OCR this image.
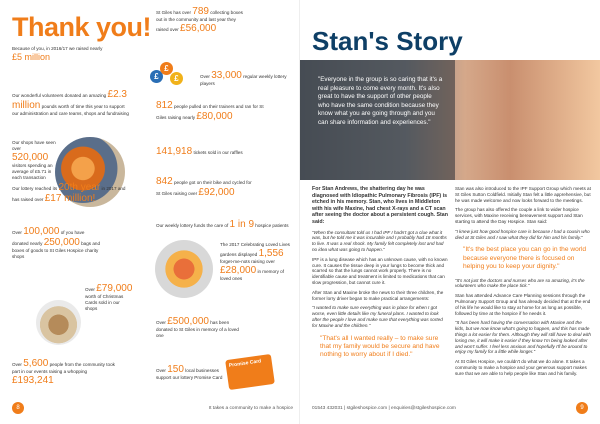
Thank you!
Because of you, in 2016/17 we raised nearly
£5 million
Our wonderful volunteers donated an amazing £2.3 million pounds worth of time this year to support our administration and care teams, shops and fundraising
Our shops have seen over 520,000 visitors spending an average of £5.71 in each transaction
Our lottery reached its 20th year in 2017 and has raised over £17 million!
Over 100,000 of you have donated nearly 250,000 bags and boxes of goods to St Giles Hospice charity shops
Over £79,000 worth of Christmas Cards sold in our shops
Over 5,600 people from the community took part in our events raising a whopping £193,241
St Giles has over 789 collecting boxes out in the community and last year they raised over £56,000
£
£
£	Over 33,000 regular weekly lottery players
812 people pulled on their trainers and ran for St Giles raising nearly £80,000
141,918 tickets sold in our raffles
842 people got on their bike and cycled for St Giles raising over £92,000
Our weekly lottery funds the care of 1 in 9 hospice patients
The 2017 Celebrating Loved Lives gardens displayed 1,556 forget-me-nots raising over £28,000 in memory of loved ones
Over £500,000 has been donated to St Giles in memory of a loved one
Over 150 local businesses support our lottery Promise Card
Promise Card
8	It takes a community to make a hospice
Stan's Story
"Everyone in the group is so caring that it's a real pleasure to come every month. It's also great to have the support of other people who have the same condition because they know what you are going through and you can share information and experiences."

For Stan Andrews, the shattering day he was diagnosed with Idiopathic Pulmonary Fibrosis (IPF) is etched in his memory. Stan, who lives in Middleton with his wife Maxine, had chest X-rays and a CT scan after seeing the doctor about a persistent cough. Stan said:

"When the consultant told us I had IPF I hadn't got a clue what it was, but he told me it was incurable and I probably had 18 months to live. It was a real shock. My family felt completely lost and had no idea what was going to happen."

IPF is a lung disease which has an unknown cause, with no known cure. It causes the tissue deep in your lungs to become thick and scarred so that the lungs cannot work properly. There is no identifiable cause and treatment is limited to medications that can slow progression, but cannot cure it.

After Stan and Maxine broke the news to their three children, the former lorry driver began to make practical arrangements:

"I wanted to make sure everything was in place for when I got worse, even little details like my funeral plans. I wanted to look after the people I love and make sure that everything was sorted for Maxine and the children."

"That's all I wanted really – to make sure that my family would be secure and have nothing to worry about if I died."

Stan was also introduced to the IPF Support Group which meets at St Giles Sutton Coldfield. Initially Stan felt a little apprehensive, but he was made welcome and now looks forward to the meetings.

The group has also offered the couple a link to wider hospice services, with Maxine receiving bereavement support and Stan starting to attend the Day Hospice. Stan said:

"I knew just how good hospice care is because I had a cousin who died at St Giles and I saw what they did for him and his family."

"It's the best place you can go in the world because everyone there is focused on helping you to keep your dignity."

"It's not just the doctors and nurses who are so amazing, it's the volunteers who make the place tick."

Stan has attended Advance Care Planning sessions through the Pulmonary Support Group and has already decided that at the end of his life he would like to stay at home for as long as possible, followed by time at the hospice if he needs it.

"It has been hard having the conversation with Maxine and the kids, but we now know what's going to happen, and this has made things a lot easier for them. Although they will still have to deal with losing me, it will make it easier if they know I'm being looked after and won't suffer. I feel less anxious and hopefully I'll be around to enjoy my family for a little while longer."

At St Giles Hospice, we couldn't do what we do alone. It takes a community to make a hospice and your generous support makes sure that we are able to help people like Stan and his family.

9
01543 432031 | stgileshospice.com | enquiries@stgileshospice.com
